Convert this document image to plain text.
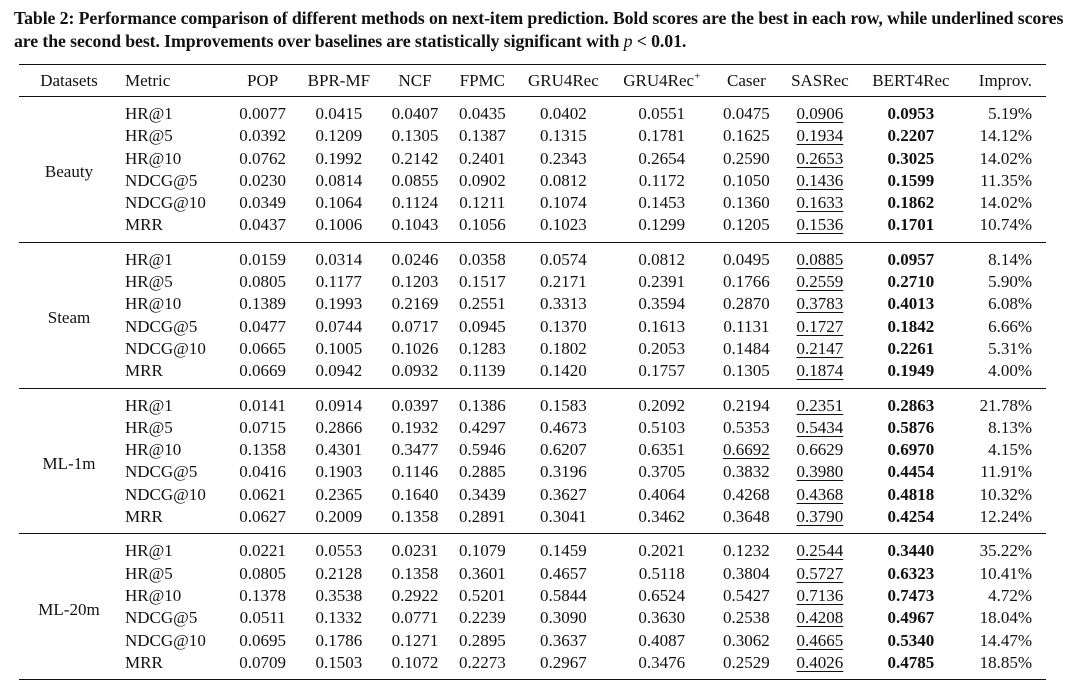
Table 2: Performance comparison of different methods on next-item prediction. Bold scores are the best in each row, while underlined scores are the second best. Improvements over baselines are statistically significant with p < 0.01.
Datasets	Metric	POP	BPR-MF	NCF	FPMC	GRU4Rec	GRU4Rec+	Caser	SASRec	BERT4Rec	Improv.
Beauty	HR@1	0.0077	0.0415	0.0407	0.0435	0.0402	0.0551	0.0475	0.0906	0.0953	5.19%
	HR@5	0.0392	0.1209	0.1305	0.1387	0.1315	0.1781	0.1625	0.1934	0.2207	14.12%
	HR@10	0.0762	0.1992	0.2142	0.2401	0.2343	0.2654	0.2590	0.2653	0.3025	14.02%
	NDCG@5	0.0230	0.0814	0.0855	0.0902	0.0812	0.1172	0.1050	0.1436	0.1599	11.35%
	NDCG@10	0.0349	0.1064	0.1124	0.1211	0.1074	0.1453	0.1360	0.1633	0.1862	14.02%
	MRR	0.0437	0.1006	0.1043	0.1056	0.1023	0.1299	0.1205	0.1536	0.1701	10.74%
Steam	HR@1	0.0159	0.0314	0.0246	0.0358	0.0574	0.0812	0.0495	0.0885	0.0957	8.14%
	HR@5	0.0805	0.1177	0.1203	0.1517	0.2171	0.2391	0.1766	0.2559	0.2710	5.90%
	HR@10	0.1389	0.1993	0.2169	0.2551	0.3313	0.3594	0.2870	0.3783	0.4013	6.08%
	NDCG@5	0.0477	0.0744	0.0717	0.0945	0.1370	0.1613	0.1131	0.1727	0.1842	6.66%
	NDCG@10	0.0665	0.1005	0.1026	0.1283	0.1802	0.2053	0.1484	0.2147	0.2261	5.31%
	MRR	0.0669	0.0942	0.0932	0.1139	0.1420	0.1757	0.1305	0.1874	0.1949	4.00%
ML-1m	HR@1	0.0141	0.0914	0.0397	0.1386	0.1583	0.2092	0.2194	0.2351	0.2863	21.78%
	HR@5	0.0715	0.2866	0.1932	0.4297	0.4673	0.5103	0.5353	0.5434	0.5876	8.13%
	HR@10	0.1358	0.4301	0.3477	0.5946	0.6207	0.6351	0.6692	0.6629	0.6970	4.15%
	NDCG@5	0.0416	0.1903	0.1146	0.2885	0.3196	0.3705	0.3832	0.3980	0.4454	11.91%
	NDCG@10	0.0621	0.2365	0.1640	0.3439	0.3627	0.4064	0.4268	0.4368	0.4818	10.32%
	MRR	0.0627	0.2009	0.1358	0.2891	0.3041	0.3462	0.3648	0.3790	0.4254	12.24%
ML-20m	HR@1	0.0221	0.0553	0.0231	0.1079	0.1459	0.2021	0.1232	0.2544	0.3440	35.22%
	HR@5	0.0805	0.2128	0.1358	0.3601	0.4657	0.5118	0.3804	0.5727	0.6323	10.41%
	HR@10	0.1378	0.3538	0.2922	0.5201	0.5844	0.6524	0.5427	0.7136	0.7473	4.72%
	NDCG@5	0.0511	0.1332	0.0771	0.2239	0.3090	0.3630	0.2538	0.4208	0.4967	18.04%
	NDCG@10	0.0695	0.1786	0.1271	0.2895	0.3637	0.4087	0.3062	0.4665	0.5340	14.47%
	MRR	0.0709	0.1503	0.1072	0.2273	0.2967	0.3476	0.2529	0.4026	0.4785	18.85%
